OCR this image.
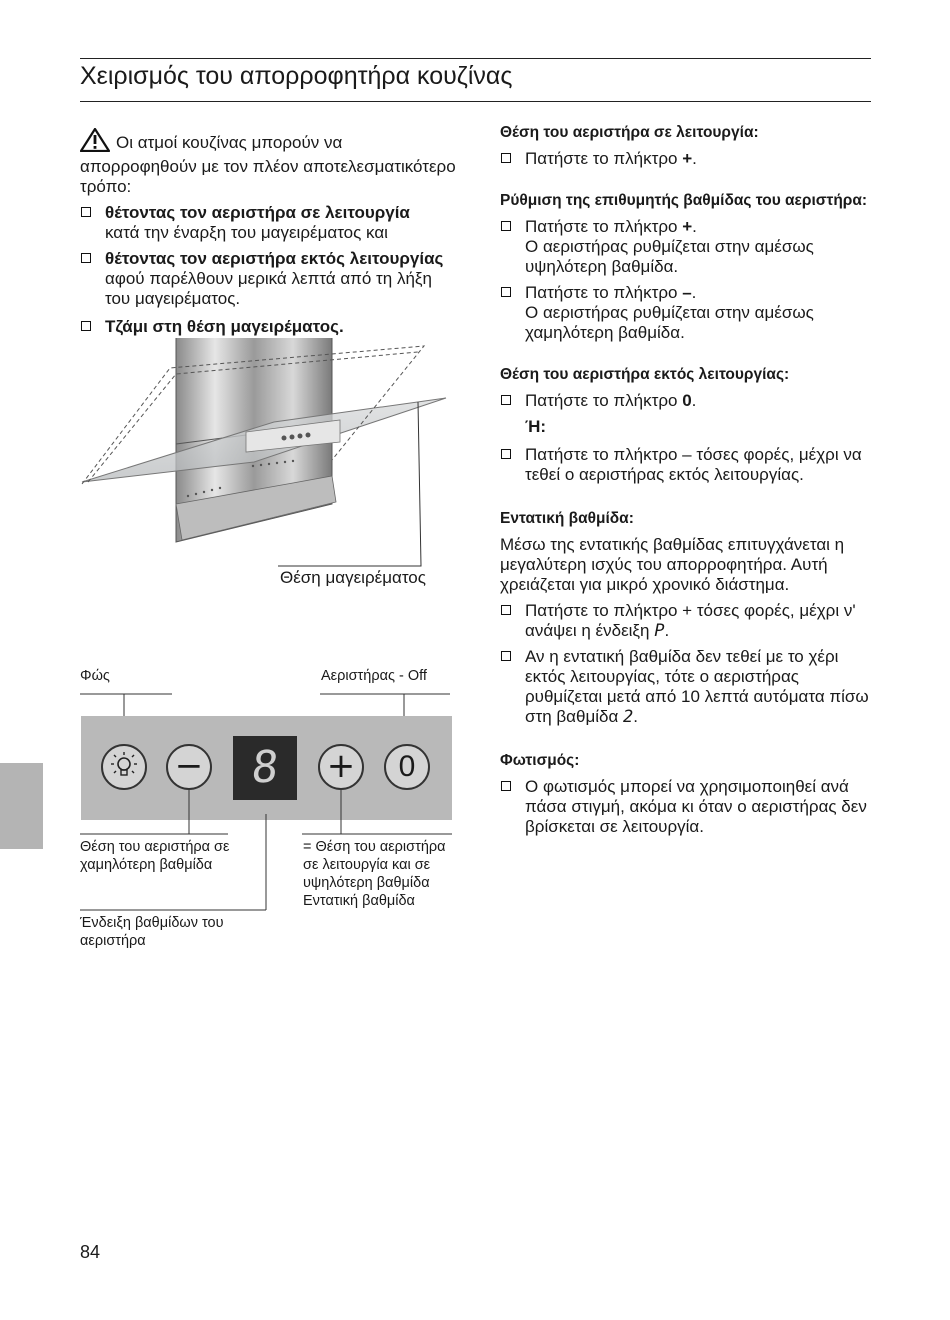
Χειρισμός του απορροφητήρα κουζίνας

Οι ατμοί κουζίνας μπορούν να απορροφηθούν με τον πλέον αποτελεσματικότερο τρόπο:

θέτοντας τον αεριστήρα σε λειτουργία
κατά την έναρξη του μαγειρέματος και

θέτοντας τον αεριστήρα εκτός λειτουργίας αφού παρέλθουν μερικά λεπτά από τη λήξη του μαγειρέματος.

Τζάμι στη θέση μαγειρέματος.

Θέση μαγειρέματος
Φώς	Αεριστήρας - Off
−	8	+	0
Θέση του αεριστήρα σε χαμηλότερη βαθμίδα
Ένδειξη βαθμίδων του αεριστήρα
= Θέση του αεριστήρα σε λειτουργία και σε υψηλότερη βαθμίδα Εντατική βαθμίδα

Θέση του αεριστήρα σε λειτουργία:

Πατήστε το πλήκτρο +.

Ρύθμιση της επιθυμητής βαθμίδας του αεριστήρα:

Πατήστε το πλήκτρο +.
Ο αεριστήρας ρυθμίζεται στην αμέσως υψηλότερη βαθμίδα.

Πατήστε το πλήκτρο –.
Ο αεριστήρας ρυθμίζεται στην αμέσως χαμηλότερη βαθμίδα.

Θέση του αεριστήρα εκτός λειτουργίας:

Πατήστε το πλήκτρο 0.

Ή:

Πατήστε το πλήκτρο – τόσες φορές, μέχρι να τεθεί ο αεριστήρας εκτός λειτουργίας.

Εντατική βαθμίδα:

Μέσω της εντατικής βαθμίδας επιτυγχάνεται η μεγαλύτερη ισχύς του απορροφητήρα. Αυτή χρειάζεται για μικρό χρονικό διάστημα.

Πατήστε το πλήκτρο + τόσες φορές, μέχρι ν' ανάψει η ένδειξη P.

Αν η εντατική βαθμίδα δεν τεθεί με το χέρι εκτός λειτουργίας, τότε ο αεριστήρας ρυθμίζεται μετά από 10 λεπτά αυτόματα πίσω στη βαθμίδα 2.

Φωτισμός:

Ο φωτισμός μπορεί να χρησιμοποιηθεί ανά πάσα στιγμή, ακόμα κι όταν ο αεριστήρας δεν βρίσκεται σε λειτουργία.

84
